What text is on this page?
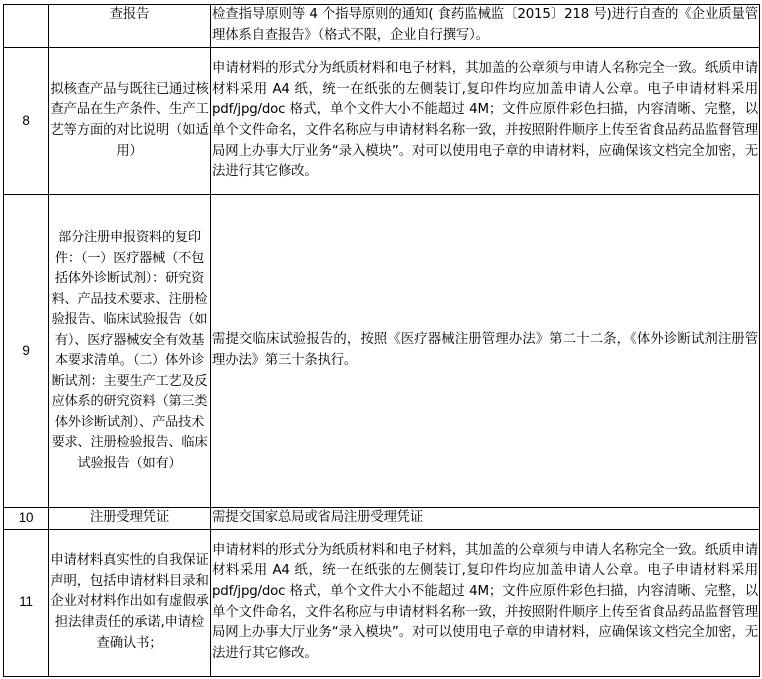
	查报告	检查指导原则等 4 个指导原则的通知( 食药监械监〔2015〕218 号)进行自查的《企业质量管理体系自查报告》（格式不限，企业自行撰写）。
8	拟核查产品与既往已通过核查产品在生产条件、生产工艺等方面的对比说明（如适用）	申请材料的形式分为纸质材料和电子材料，其加盖的公章须与申请人名称完全一致。纸质申请材料采用 A4 纸，统一在纸张的左侧装订,复印件均应加盖申请人公章。电子申请材料采用 pdf/jpg/doc 格式，单个文件大小不能超过 4M；文件应原件彩色扫描，内容清晰、完整，以单个文件命名，文件名称应与申请材料名称一致，并按照附件顺序上传至省食品药品监督管理局网上办事大厅业务“录入模块”。对可以使用电子章的申请材料，应确保该文档完全加密，无法进行其它修改。
9	部分注册申报资料的复印件：（一）医疗器械（不包括体外诊断试剂）：研究资料、产品技术要求、注册检验报告、临床试验报告（如有）、医疗器械安全有效基本要求清单。（二）体外诊断试剂：主要生产工艺及反应体系的研究资料（第三类体外诊断试剂）、产品技术要求、注册检验报告、临床试验报告（如有）	需提交临床试验报告的，按照《医疗器械注册管理办法》第二十二条，《体外诊断试剂注册管理办法》第三十条执行。
10	注册受理凭证	需提交国家总局或省局注册受理凭证
11	申请材料真实性的自我保证声明，包括申请材料目录和企业对材料作出如有虚假承担法律责任的承诺,申请检查确认书；	申请材料的形式分为纸质材料和电子材料，其加盖的公章须与申请人名称完全一致。纸质申请材料采用 A4 纸，统一在纸张的左侧装订,复印件均应加盖申请人公章。电子申请材料采用 pdf/jpg/doc 格式，单个文件大小不能超过 4M；文件应原件彩色扫描，内容清晰、完整，以单个文件命名，文件名称应与申请材料名称一致，并按照附件顺序上传至省食品药品监督管理局网上办事大厅业务“录入模块”。对可以使用电子章的申请材料，应确保该文档完全加密，无法进行其它修改。
